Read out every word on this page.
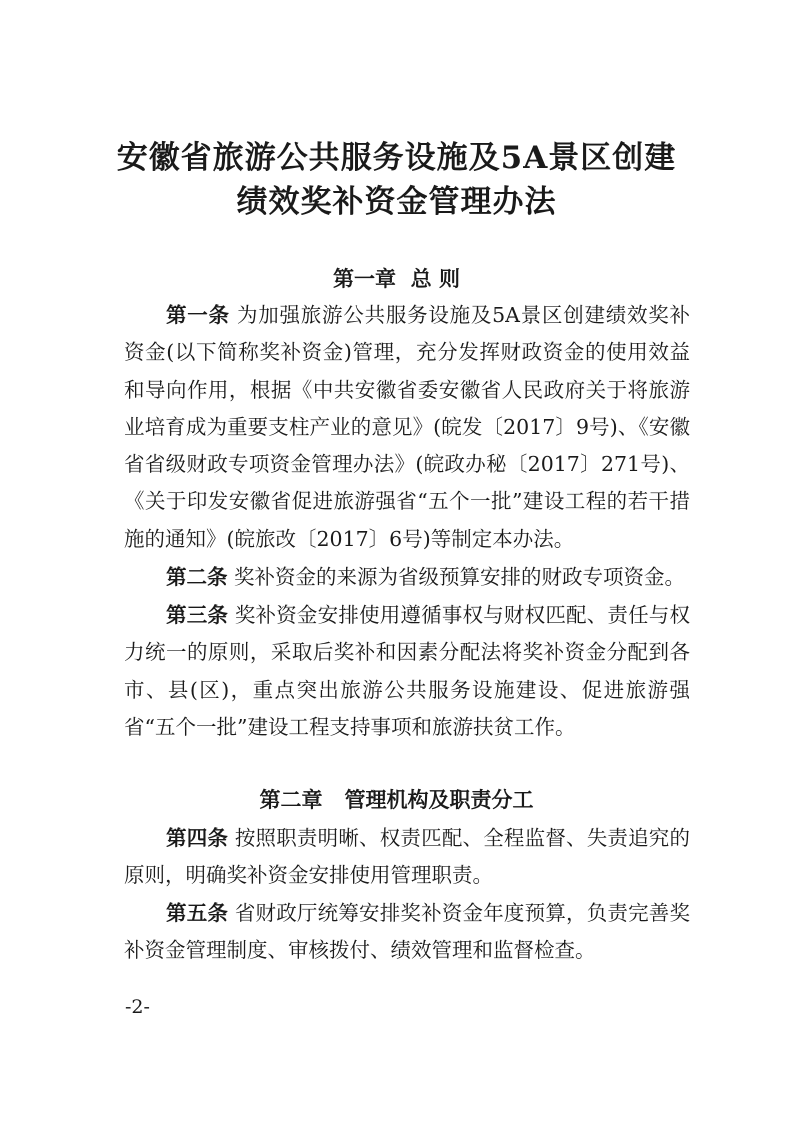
安徽省旅游公共服务设施及5A景区创建
绩效奖补资金管理办法
第一章  总 则

第一条 为加强旅游公共服务设施及5A景区创建绩效奖补资金(以下简称奖补资金)管理，充分发挥财政资金的使用效益和导向作用，根据《中共安徽省委安徽省人民政府关于将旅游业培育成为重要支柱产业的意见》(皖发〔2017〕9号)、《安徽省省级财政专项资金管理办法》(皖政办秘〔2017〕271号)、《关于印发安徽省促进旅游强省“五个一批”建设工程的若干措施的通知》(皖旅改〔2017〕6号)等制定本办法。

第二条 奖补资金的来源为省级预算安排的财政专项资金。

第三条 奖补资金安排使用遵循事权与财权匹配、责任与权力统一的原则，采取后奖补和因素分配法将奖补资金分配到各市、县(区)，重点突出旅游公共服务设施建设、促进旅游强省“五个一批”建设工程支持事项和旅游扶贫工作。

第二章   管理机构及职责分工

第四条 按照职责明晰、权责匹配、全程监督、失责追究的原则，明确奖补资金安排使用管理职责。

第五条 省财政厅统筹安排奖补资金年度预算，负责完善奖补资金管理制度、审核拨付、绩效管理和监督检查。

-2-
